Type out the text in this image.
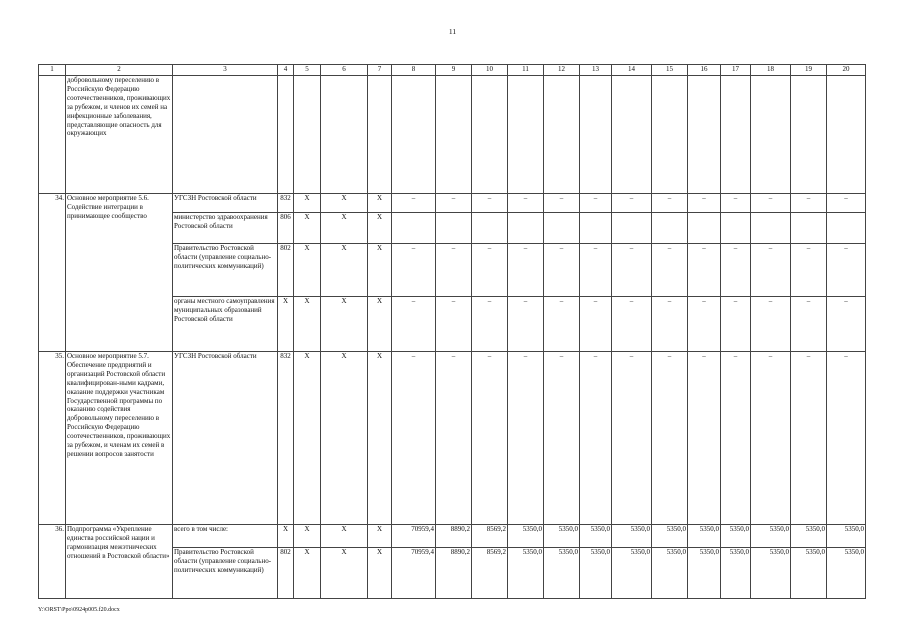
11
1	2	3	4	5	6	7	8	9	10	11	12	13	14	15	16	17	18	19	20
	добровольному переселению в Российскую Федерацию соотечественников, проживающих за рубежом, и членов их семей на инфекционные заболевания, представляющие опасность для окружающих																		
34.	Основное мероприятие 5.6. Содействие интеграции в принимающее сообщество	УГСЗН Ростовской области	832	Х	Х	Х	–	–	–	–	–	–	–	–	–	–	–	–	–
		министерство здравоохранения Ростовской области	806	Х	Х	Х													
		Правительство Ростовской области (управление социально-политических коммуникаций)	802	Х	Х	Х	–	–	–	–	–	–	–	–	–	–	–	–	–
		органы местного самоуправления муниципальных образований Ростовской области	Х	Х	Х	Х	–	–	–	–	–	–	–	–	–	–	–	–	–
35.	Основное мероприятие 5.7. Обеспечение предприятий и организаций Ростовской области квалифицирован-ными кадрами, оказание поддержки участникам Государственной программы по оказанию содействия добровольному переселению в Российскую Федерацию соотечественников, проживающих за рубежом, и членам их семей в решении вопросов занятости	УГСЗН Ростовской области	832	Х	Х	Х	–	–	–	–	–	–	–	–	–	–	–	–	–
36.	Подпрограмма «Укрепление единства российской нации и гармонизация межэтнических отношений в Ростовской области»	всего в том числе:	Х	Х	Х	Х	70959,4	8890,2	8569,2	5350,0	5350,0	5350,0	5350,0	5350,0	5350,0	5350,0	5350,0	5350,0	5350,0
		Правительство Ростовской области (управление социально-политических коммуникаций)	802	Х	Х	Х	70959,4	8890,2	8569,2	5350,0	5350,0	5350,0	5350,0	5350,0	5350,0	5350,0	5350,0	5350,0	5350,0
Y:\ORST\Ppo\0924p005.f20.docx
